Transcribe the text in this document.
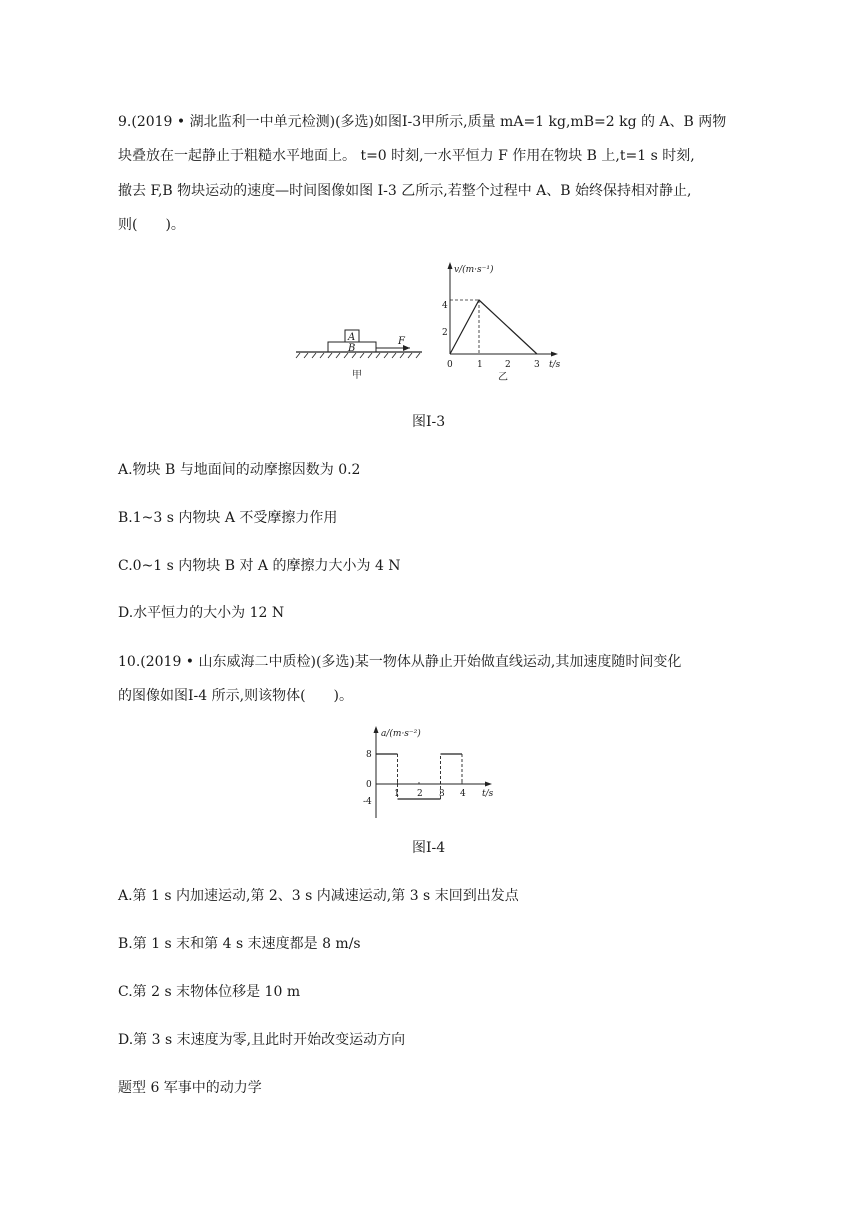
9.(2019 • 湖北监利一中单元检测)(多选)如图Ⅰ-3甲所示,质量 mA=1 kg,mB=2 kg 的 A、B 两物
块叠放在一起静止于粗糙水平地面上。 t=0 时刻,一水平恒力 F 作用在物块 B 上,t=1 s 时刻,
撤去 F,B 物块运动的速度—时间图像如图 Ⅰ-3 乙所示,若整个过程中 A、B 始终保持相对静止,
则(　　)。
A
B
F
甲
v/(m·s⁻¹)
t/s
4
2
0	1 2	3
乙
图Ⅰ-3
A.物块 B 与地面间的动摩擦因数为 0.2
B.1~3 s 内物块 A 不受摩擦力作用
C.0~1 s 内物块 B 对 A 的摩擦力大小为 4 N
D.水平恒力的大小为 12 N
10.(2019 • 山东威海二中质检)(多选)某一物体从静止开始做直线运动,其加速度随时间变化
的图像如图Ⅰ-4 所示,则该物体(　　)。
a/(m·s⁻²)
t/s
8
0
-4
1 2 3 4
图Ⅰ-4
A.第 1 s 内加速运动,第 2、3 s 内减速运动,第 3 s 末回到出发点
B.第 1 s 末和第 4 s 末速度都是 8 m/s
C.第 2 s 末物体位移是 10 m
D.第 3 s 末速度为零,且此时开始改变运动方向
题型 6 军事中的动力学
